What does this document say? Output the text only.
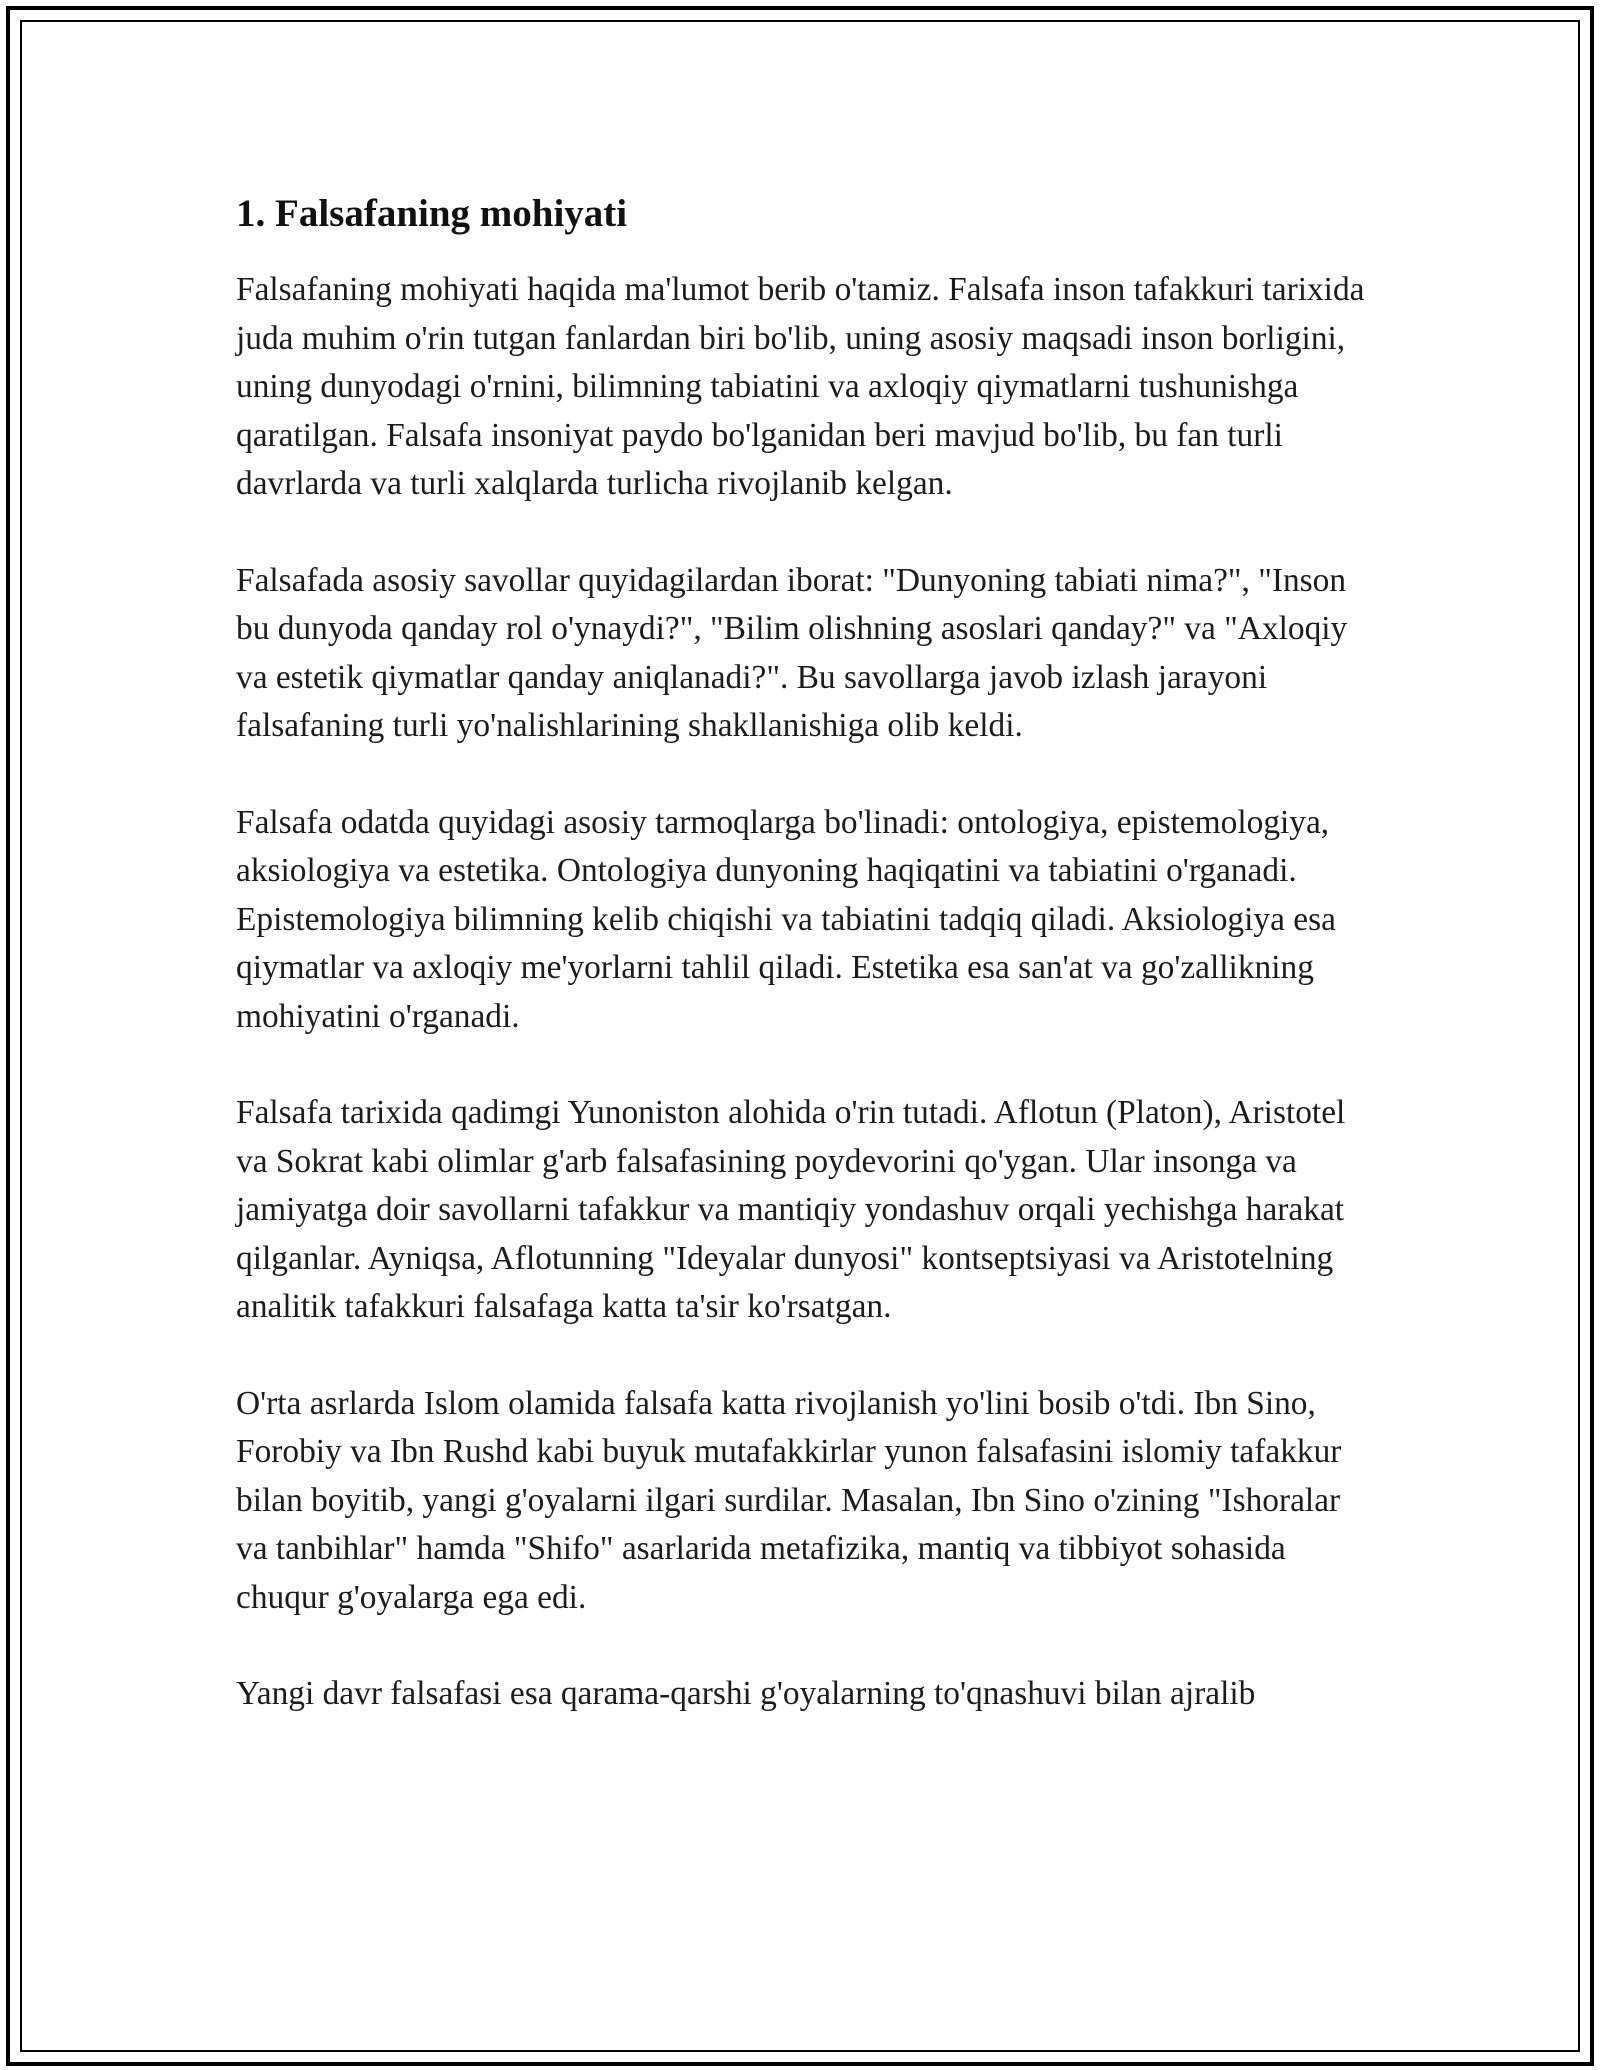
1. Falsafaning mohiyati

Falsafaning mohiyati haqida ma'lumot berib o'tamiz. Falsafa inson tafakkuri tarixida juda muhim o'rin tutgan fanlardan biri bo'lib, uning asosiy maqsadi inson borligini, uning dunyodagi o'rnini, bilimning tabiatini va axloqiy qiymatlarni tushunishga qaratilgan. Falsafa insoniyat paydo bo'lganidan beri mavjud bo'lib, bu fan turli davrlarda va turli xalqlarda turlicha rivojlanib kelgan.

Falsafada asosiy savollar quyidagilardan iborat: "Dunyoning tabiati nima?", "Inson bu dunyoda qanday rol o'ynaydi?", "Bilim olishning asoslari qanday?" va "Axloqiy va estetik qiymatlar qanday aniqlanadi?". Bu savollarga javob izlash jarayoni falsafaning turli yo'nalishlarining shakllanishiga olib keldi.

Falsafa odatda quyidagi asosiy tarmoqlarga bo'linadi: ontologiya, epistemologiya, aksiologiya va estetika. Ontologiya dunyoning haqiqatini va tabiatini o'rganadi. Epistemologiya bilimning kelib chiqishi va tabiatini tadqiq qiladi. Aksiologiya esa qiymatlar va axloqiy me'yorlarni tahlil qiladi. Estetika esa san'at va go'zallikning mohiyatini o'rganadi.

Falsafa tarixida qadimgi Yunoniston alohida o'rin tutadi. Aflotun (Platon), Aristotel va Sokrat kabi olimlar g'arb falsafasining poydevorini qo'ygan. Ular insonga va jamiyatga doir savollarni tafakkur va mantiqiy yondashuv orqali yechishga harakat qilganlar. Ayniqsa, Aflotunning "Ideyalar dunyosi" kontseptsiyasi va Aristotelning analitik tafakkuri falsafaga katta ta'sir ko'rsatgan.

O'rta asrlarda Islom olamida falsafa katta rivojlanish yo'lini bosib o'tdi. Ibn Sino, Forobiy va Ibn Rushd kabi buyuk mutafakkirlar yunon falsafasini islomiy tafakkur bilan boyitib, yangi g'oyalarni ilgari surdilar. Masalan, Ibn Sino o'zining "Ishoralar va tanbihlar" hamda "Shifo" asarlarida metafizika, mantiq va tibbiyot sohasida chuqur g'oyalarga ega edi.

Yangi davr falsafasi esa qarama-qarshi g'oyalarning to'qnashuvi bilan ajralib
